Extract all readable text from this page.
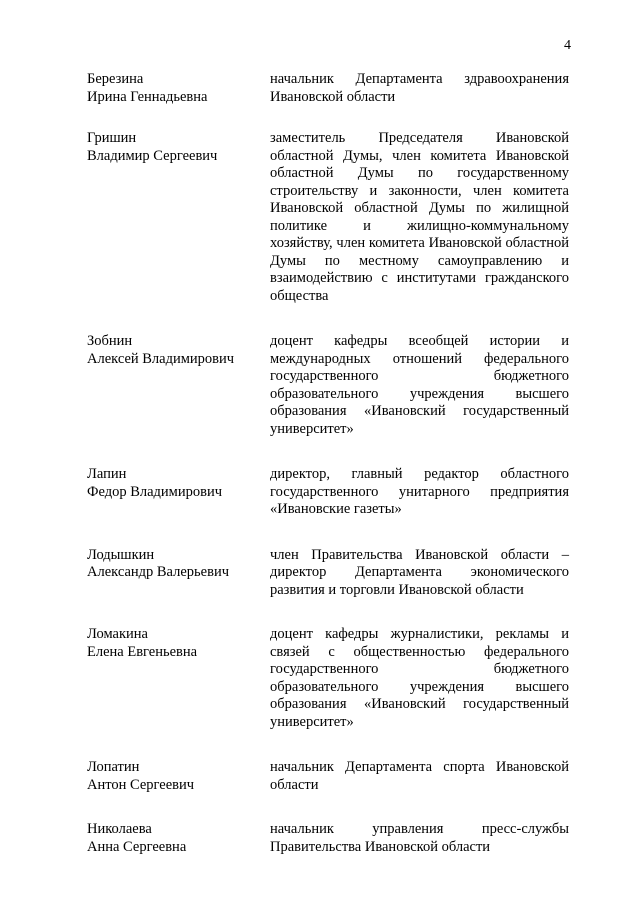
4
Березина
Ирина Геннадьевна
начальник Департамента здравоохранения Ивановской области
Гришин
Владимир Сергеевич
заместитель Председателя Ивановской областной Думы, член комитета Ивановской областной Думы по государственному строительству и законности, член комитета Ивановской областной Думы по жилищной политике и жилищно-коммунальному хозяйству, член комитета Ивановской областной Думы по местному самоуправлению и взаимодействию с институтами гражданского общества
Зобнин
Алексей Владимирович
доцент кафедры всеобщей истории и международных отношений федерального государственного бюджетного образовательного учреждения высшего образования «Ивановский государственный университет»
Лапин
Федор Владимирович
директор, главный редактор областного государственного унитарного предприятия «Ивановские газеты»
Лодышкин
Александр Валерьевич
член Правительства Ивановской области – директор Департамента экономического развития и торговли Ивановской области
Ломакина
Елена Евгеньевна
доцент кафедры журналистики, рекламы и связей с общественностью федерального государственного бюджетного образовательного учреждения высшего образования «Ивановский государственный университет»
Лопатин
Антон Сергеевич
начальник Департамента спорта Ивановской области
Николаева
Анна Сергеевна
начальник управления пресс-службы Правительства Ивановской области
